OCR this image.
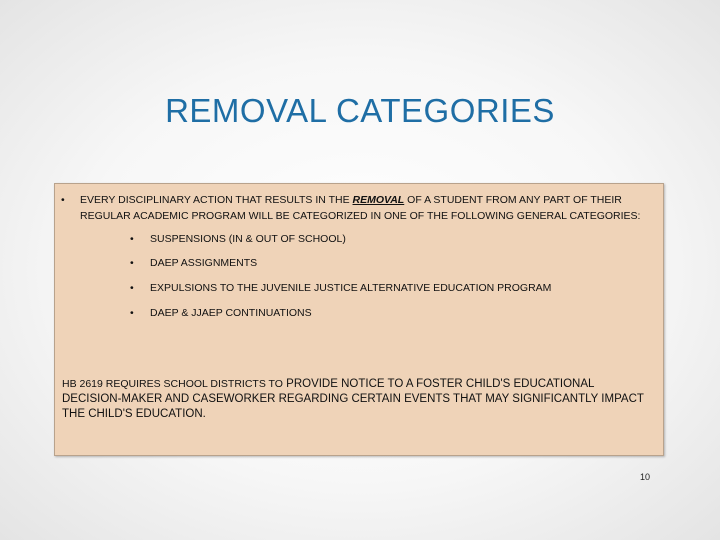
REMOVAL CATEGORIES
• EVERY DISCIPLINARY ACTION THAT RESULTS IN THE REMOVAL OF A STUDENT FROM ANY PART OF THEIR REGULAR ACADEMIC PROGRAM WILL BE CATEGORIZED IN ONE OF THE FOLLOWING GENERAL CATEGORIES:
• SUSPENSIONS (IN & OUT OF SCHOOL)
• DAEP ASSIGNMENTS
• EXPULSIONS TO THE JUVENILE JUSTICE ALTERNATIVE EDUCATION PROGRAM
• DAEP & JJAEP CONTINUATIONS
HB 2619 REQUIRES SCHOOL DISTRICTS TO PROVIDE NOTICE TO A FOSTER CHILD'S EDUCATIONAL DECISION-MAKER AND CASEWORKER REGARDING CERTAIN EVENTS THAT MAY SIGNIFICANTLY IMPACT THE CHILD'S EDUCATION.
10
